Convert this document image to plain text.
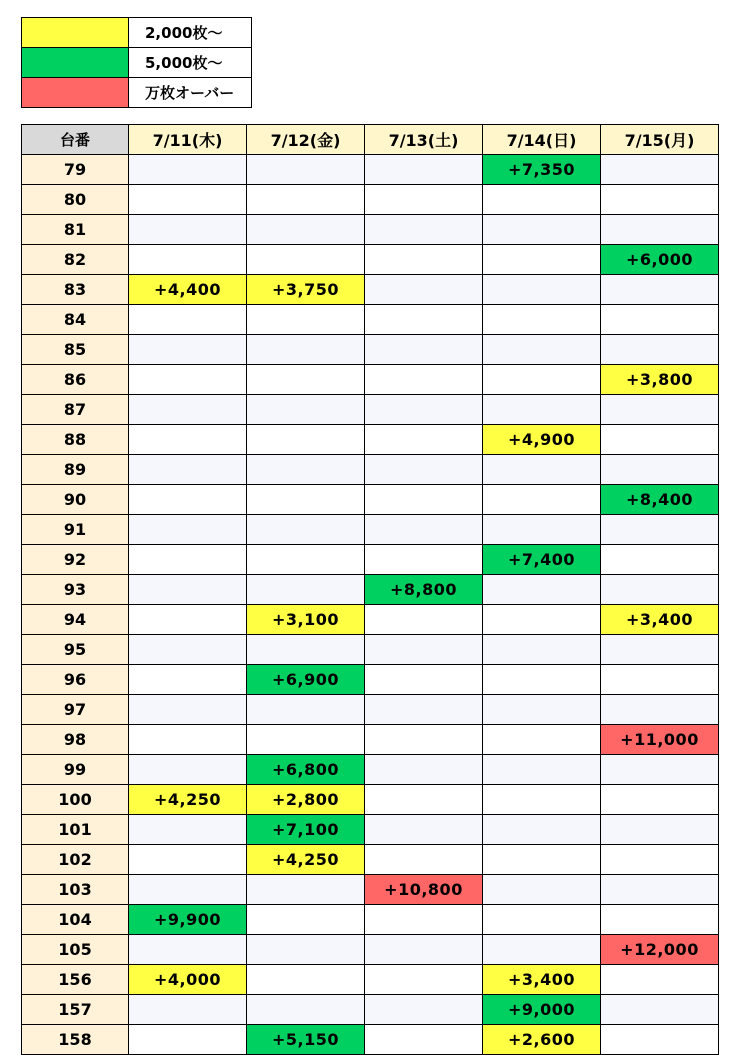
	2,000枚〜
	5,000枚〜
	万枚オーバー
台番	7/11(木)	7/12(金)	7/13(土)	7/14(日)	7/15(月)
79				+7,350	
80					
81					
82					+6,000
83	+4,400	+3,750			
84					
85					
86					+3,800
87					
88				+4,900	
89					
90					+8,400
91					
92				+7,400	
93			+8,800		
94		+3,100			+3,400
95					
96		+6,900			
97					
98					+11,000
99		+6,800			
100	+4,250	+2,800			
101		+7,100			
102		+4,250			
103			+10,800		
104	+9,900				
105					+12,000
156	+4,000			+3,400	
157				+9,000	
158		+5,150		+2,600	
